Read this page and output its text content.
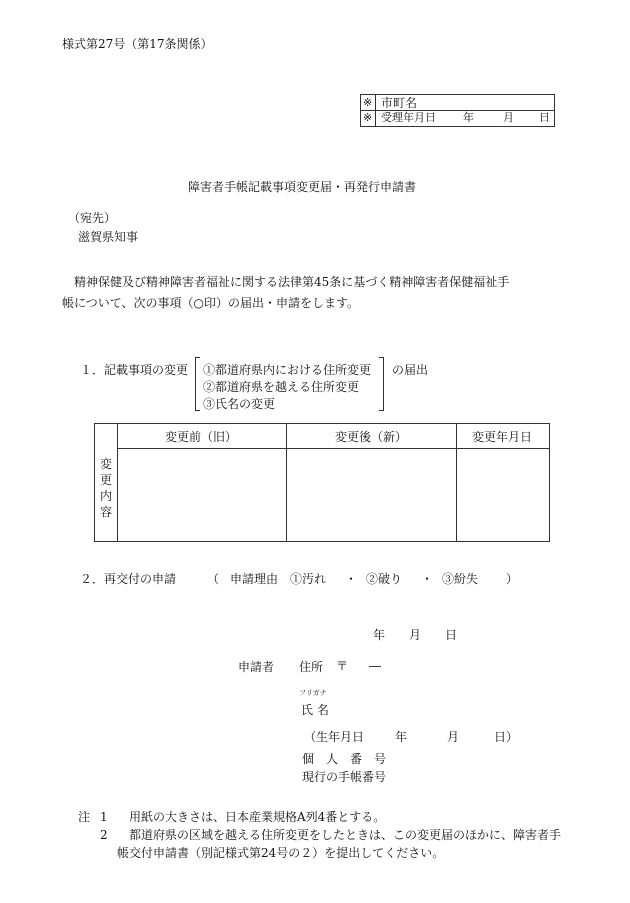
様式第27号（第17条関係）
※ 市町名
※ 受理年月日 年	月 日
障害者手帳記載事項変更届・再発行申請書
（宛先）
滋賀県知事
精神保健及び精神障害者福祉に関する法律第45条に基づく精神障害者保健福祉手
帳について、次の事項（○印）の届出・申請をします。
１．記載事項の変更 ①都道府県内における住所変更
②都道府県を越える住所変更
③氏名の変更
の届出
変
更
内
容
変更前（旧）	変更後（新）	変更年月日
２．再交付の申請	（ 申請理由 ①汚れ ・ ②破り ・ ③紛失 ）
年 月 日
申請者 住所 〒 ―
フリガナ
氏 名
（生年月日	年	月	日）
個　人　番　号
現行の手帳番号
注 1 用紙の大きさは、日本産業規格A列4番とする。
2 都道府県の区域を越える住所変更をしたときは、この変更届のほかに、障害者手
帳交付申請書（別記様式第24号の２）を提出してください。
